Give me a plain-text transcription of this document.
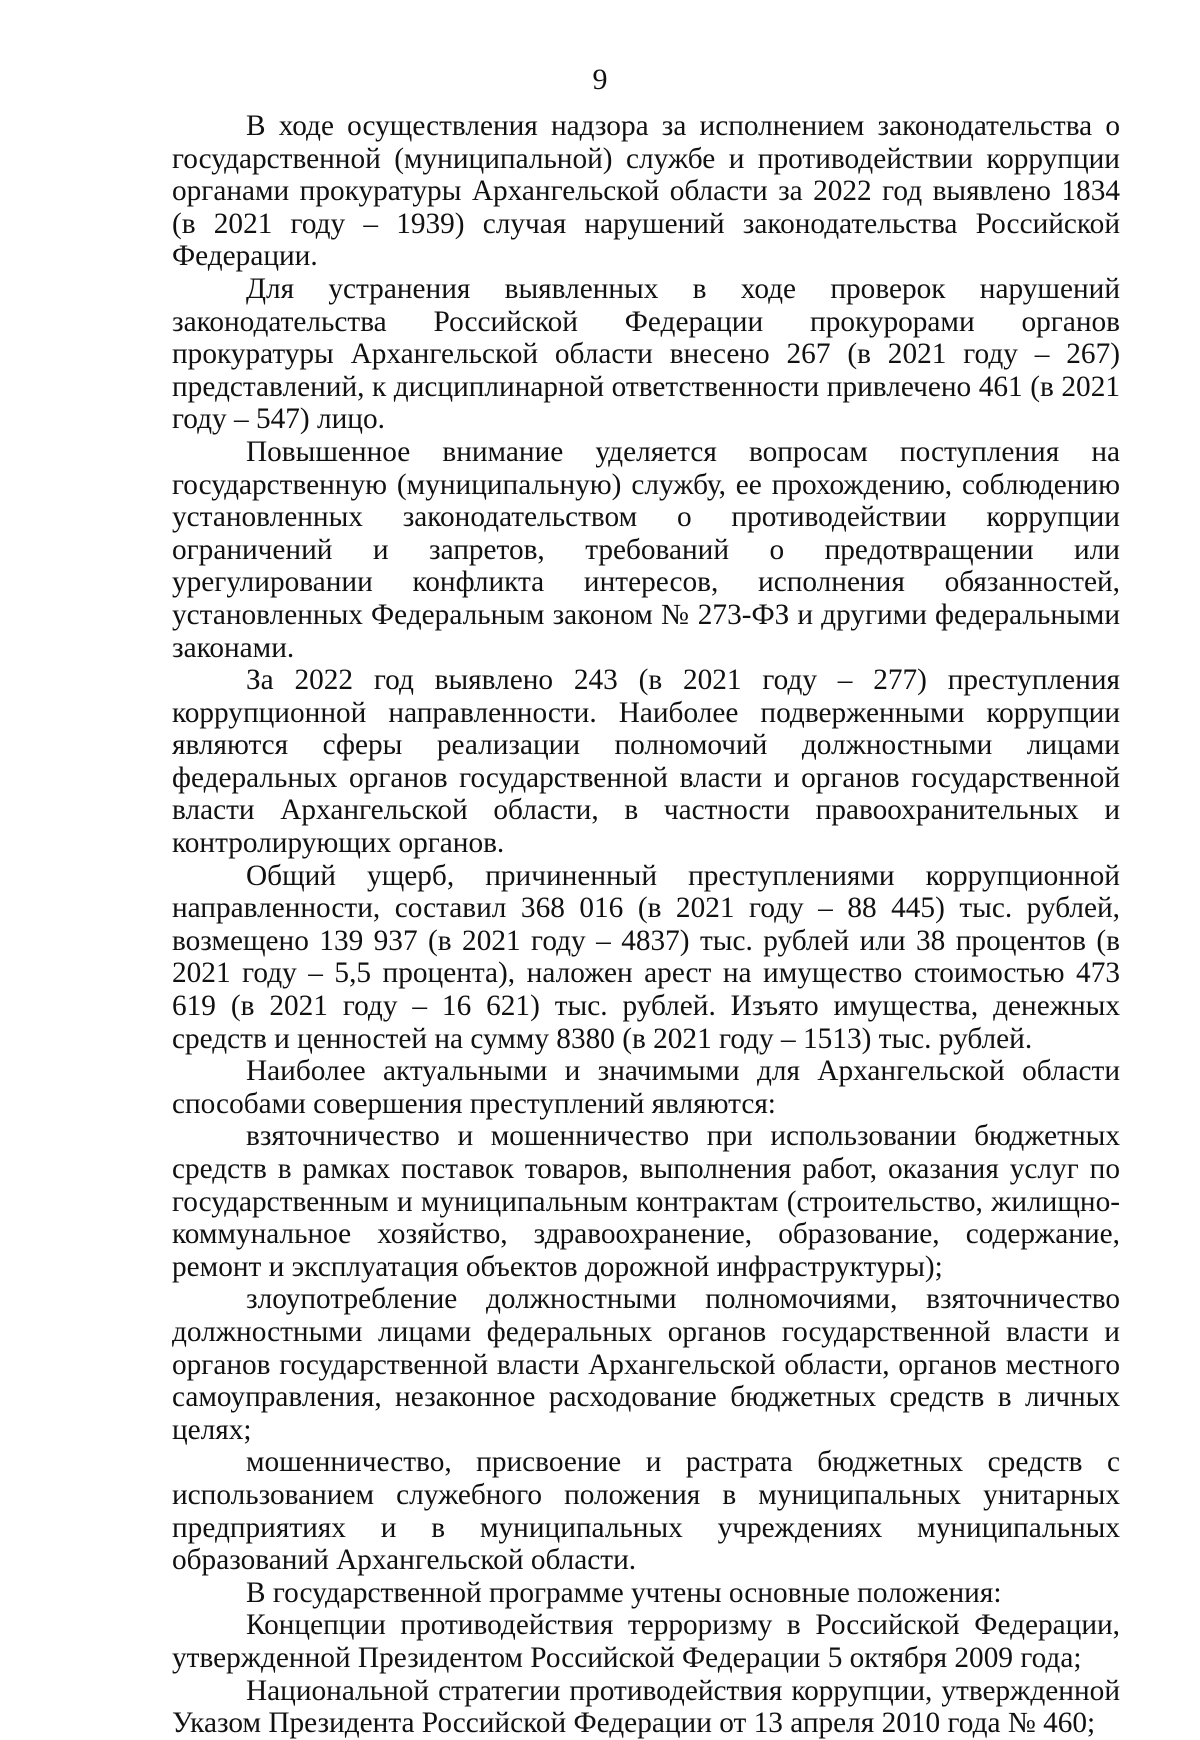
9

В ходе осуществления надзора за исполнением законодательства о государственной (муниципальной) службе и противодействии коррупции органами прокуратуры Архангельской области за 2022 год выявлено 1834 (в 2021 году – 1939) случая нарушений законодательства Российской Федерации.

Для устранения выявленных в ходе проверок нарушений законодательства Российской Федерации прокурорами органов прокуратуры Архангельской области внесено 267 (в 2021 году – 267) представлений, к дисциплинарной ответственности привлечено 461 (в 2021 году – 547) лицо.

Повышенное внимание уделяется вопросам поступления на государственную (муниципальную) службу, ее прохождению, соблюдению установленных законодательством о противодействии коррупции ограничений и запретов, требований о предотвращении или урегулировании конфликта интересов, исполнения обязанностей, установленных Федеральным законом № 273-ФЗ и другими федеральными законами.

За 2022 год выявлено 243 (в 2021 году – 277) преступления коррупционной направленности. Наиболее подверженными коррупции являются сферы реализации полномочий должностными лицами федеральных органов государственной власти и органов государственной власти Архангельской области, в частности правоохранительных и контролирующих органов.

Общий ущерб, причиненный преступлениями коррупционной направленности, составил 368 016 (в 2021 году – 88 445) тыс. рублей, возмещено 139 937 (в 2021 году – 4837) тыс. рублей или 38 процентов (в 2021 году – 5,5 процента), наложен арест на имущество стоимостью 473 619 (в 2021 году – 16 621) тыс. рублей. Изъято имущества, денежных средств и ценностей на сумму 8380 (в 2021 году – 1513) тыс. рублей.

Наиболее актуальными и значимыми для Архангельской области способами совершения преступлений являются:

взяточничество и мошенничество при использовании бюджетных средств в рамках поставок товаров, выполнения работ, оказания услуг по государственным и муниципальным контрактам (строительство, жилищно-коммунальное хозяйство, здравоохранение, образование, содержание, ремонт и эксплуатация объектов дорожной инфраструктуры);

злоупотребление должностными полномочиями, взяточничество должностными лицами федеральных органов государственной власти и органов государственной власти Архангельской области, органов местного самоуправления, незаконное расходование бюджетных средств в личных целях;

мошенничество, присвоение и растрата бюджетных средств с использованием служебного положения в муниципальных унитарных предприятиях и в муниципальных учреждениях муниципальных образований Архангельской области.

В государственной программе учтены основные положения:

Концепции противодействия терроризму в Российской Федерации, утвержденной Президентом Российской Федерации 5 октября 2009 года;

Национальной стратегии противодействия коррупции, утвержденной Указом Президента Российской Федерации от 13 апреля 2010 года № 460;
